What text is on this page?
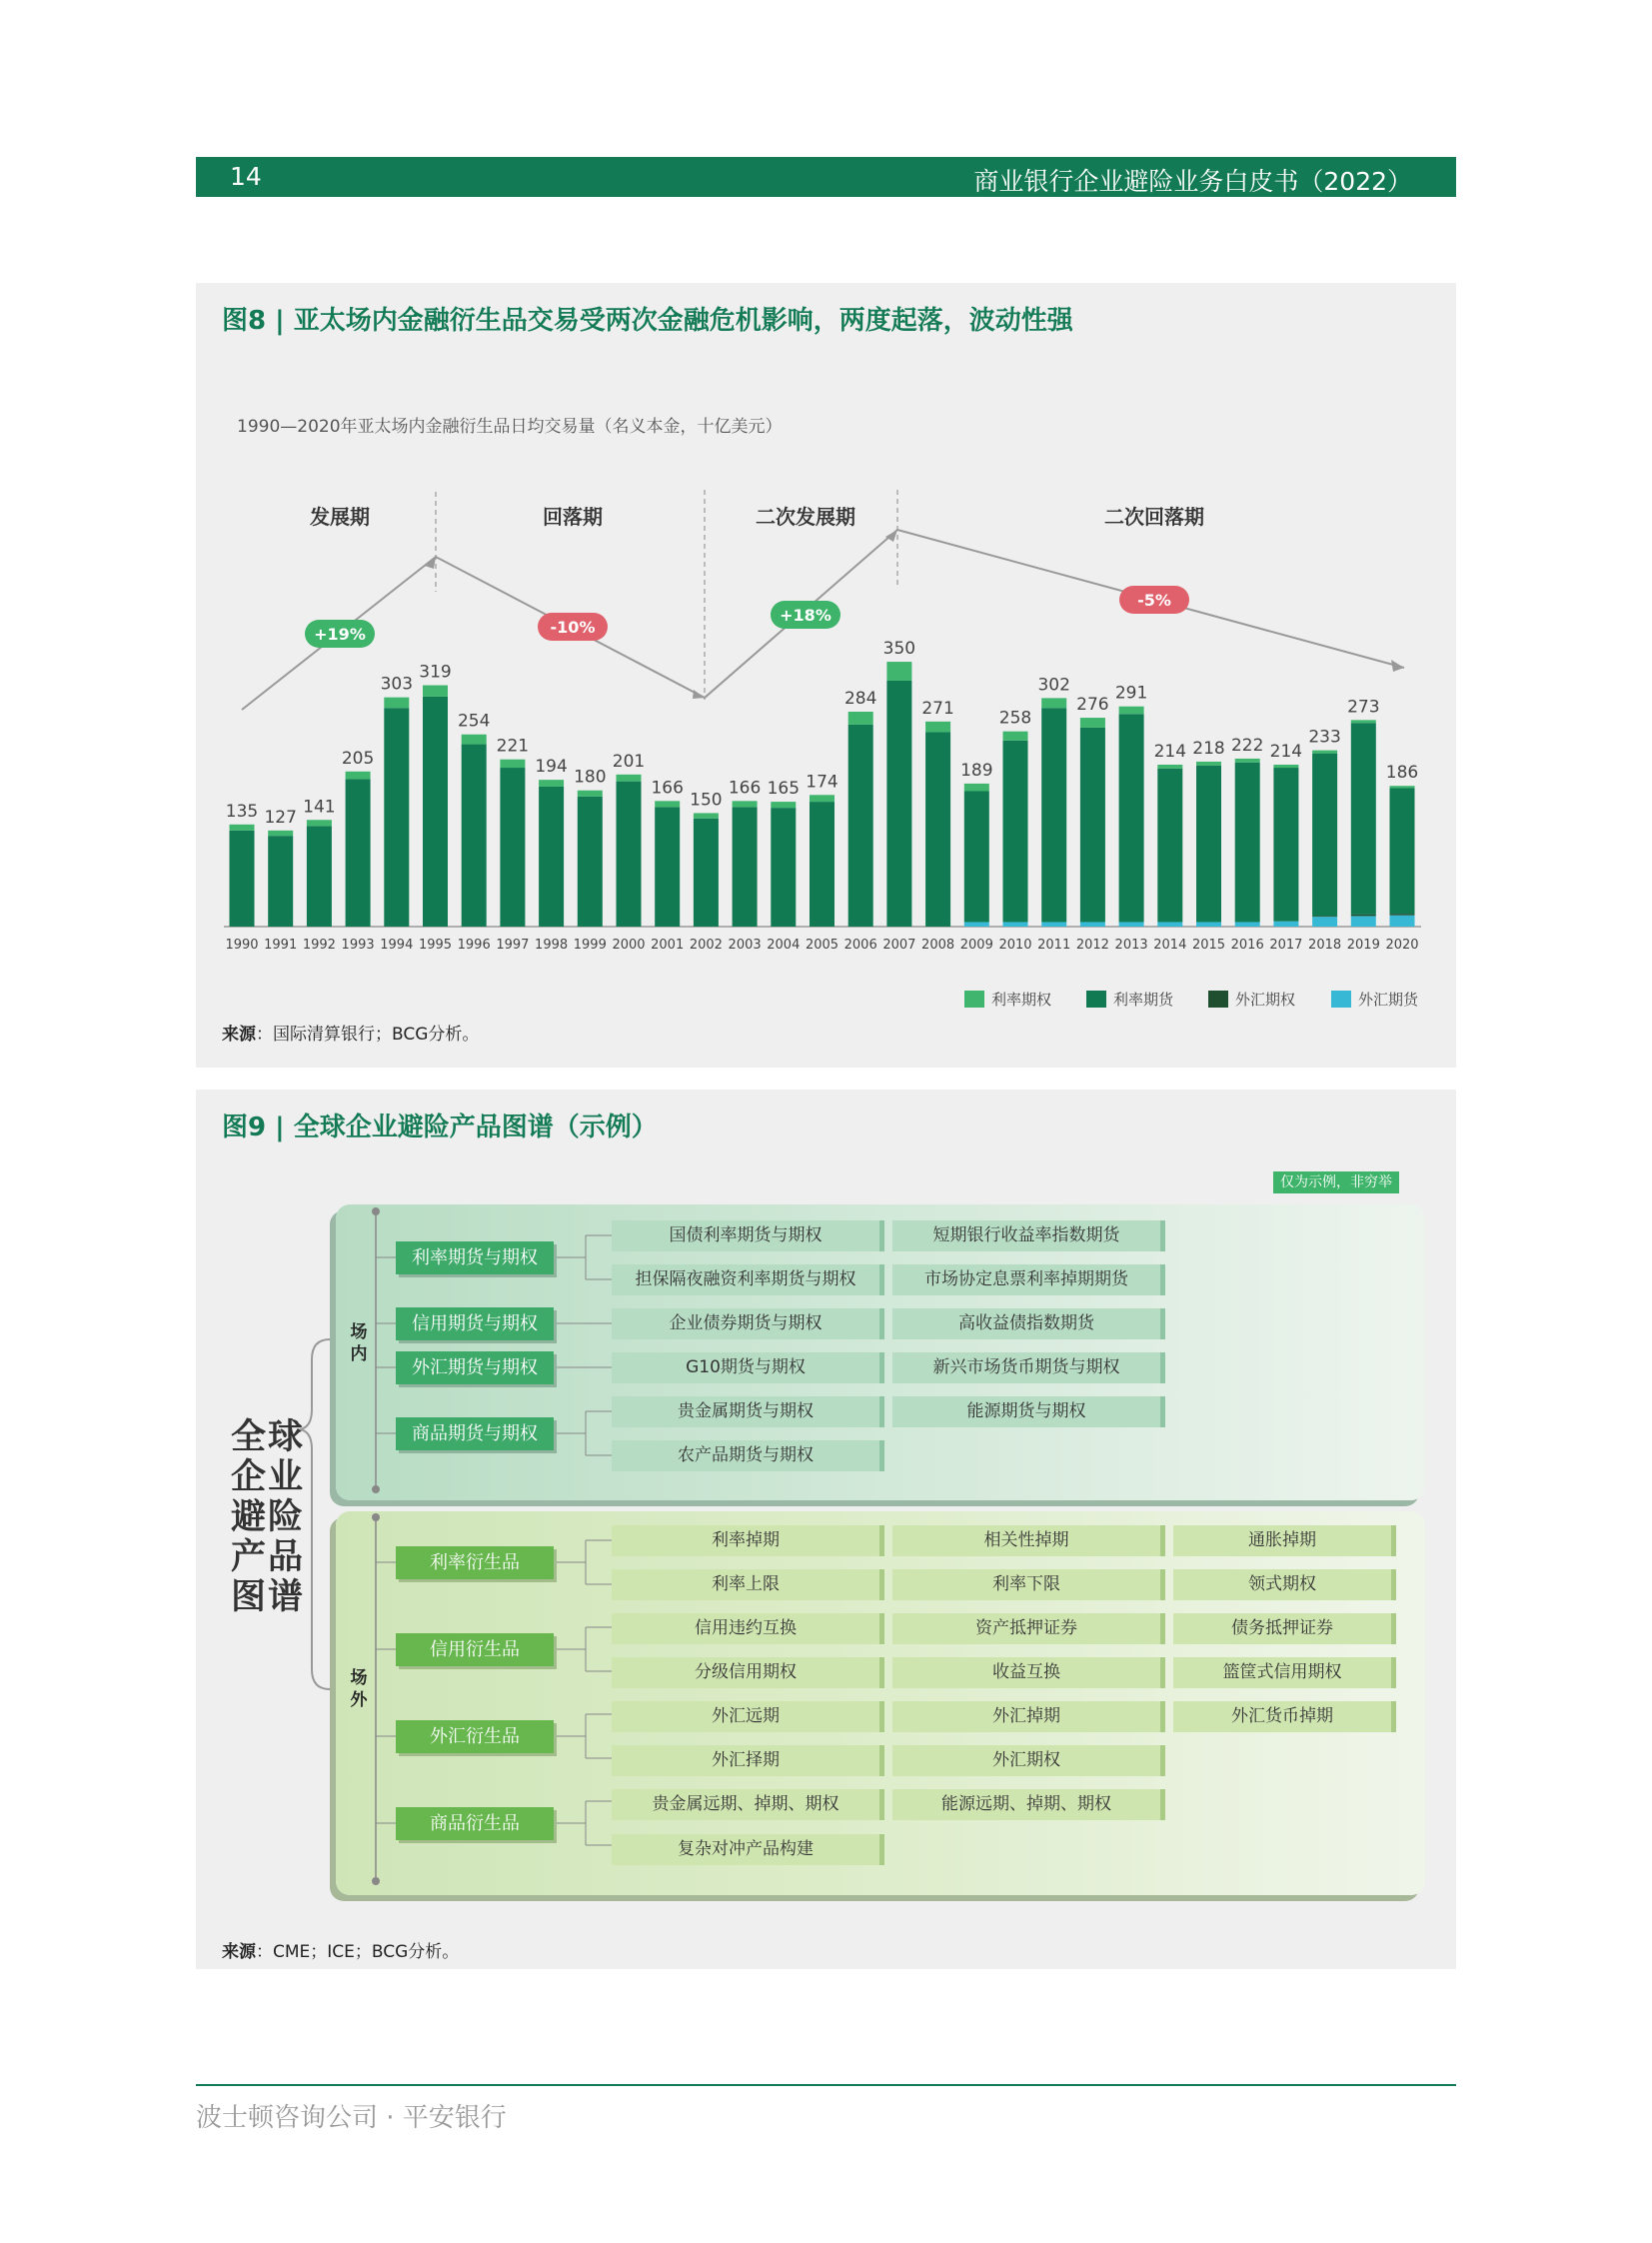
14	商业银行企业避险业务白皮书（2022）
图8 | 亚太场内金融衍生品交易受两次金融危机影响，两度起落，波动性强
1990—2020年亚太场内金融衍生品日均交易量（名义本金，十亿美元）
发展期	回落期	二次发展期	二次回落期
+19%	-10%
+18%
-5%
135
1990
127
1991
141
1992
205
1993
303
1994
319
1995
254
1996
221
1997
194
1998
180
1999
201
2000
166
2001
150
2002
166
2003
165
2004
174
2005
284
2006
350
2007
271
2008
189
2009
258
2010
302
2011
276
2012
291
2013
214
2014
218
2015
222
2016
214
2017
233
2018
273
2019
186
2020
利率期权	利率期货	外汇期权	外汇期货
来源：国际清算银行；BCG分析。
图9 | 全球企业避险产品图谱（示例）
仅为示例，非穷举
全球企业避险产品图谱
场内
场外
利率期货与期权
信用期货与期权
外汇期货与期权
商品期货与期权
国债利率期货与期权	短期银行收益率指数期货
担保隔夜融资利率期货与期权	市场协定息票利率掉期期货
企业债券期货与期权	高收益债指数期货
G10期货与期权	新兴市场货币期货与期权
贵金属期货与期权	能源期货与期权
农产品期货与期权
利率衍生品
信用衍生品
外汇衍生品
商品衍生品
利率掉期	相关性掉期	通胀掉期
利率上限	利率下限	领式期权
信用违约互换	资产抵押证券	债务抵押证券
分级信用期权	收益互换	篮筐式信用期权
外汇远期	外汇掉期	外汇货币掉期
外汇择期	外汇期权
贵金属远期、掉期、期权	能源远期、掉期、期权
复杂对冲产品构建
来源：CME；ICE；BCG分析。
波士顿咨询公司 · 平安银行
